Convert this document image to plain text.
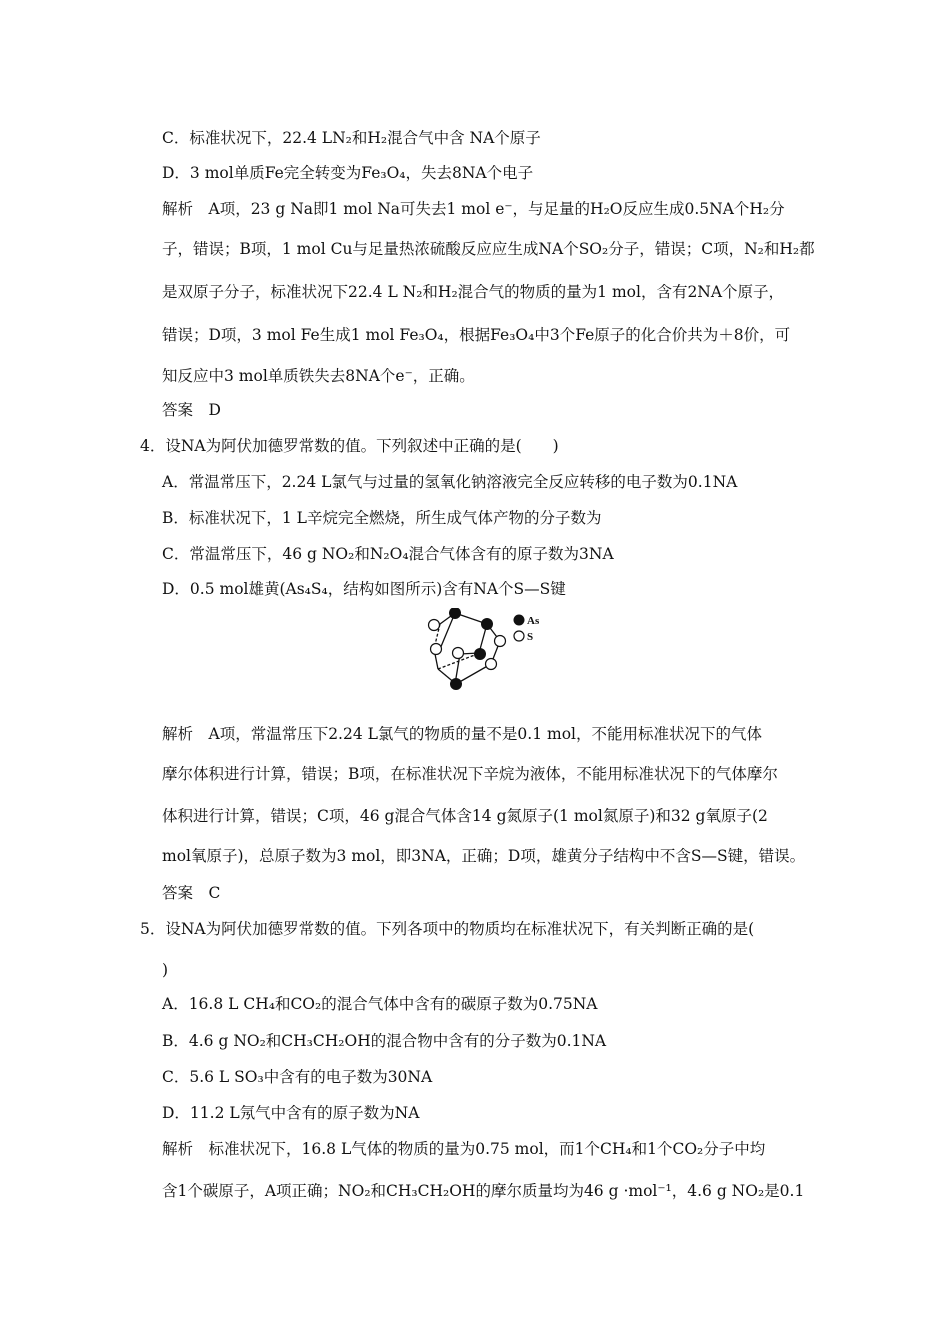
C．标准状况下，22.4 LN₂和H₂混合气中含 NA个原子
D．3 mol单质Fe完全转变为Fe₃O₄，失去8NA个电子
解析　A项，23 g Na即1 mol Na可失去1 mol e⁻，与足量的H₂O反应生成0.5NA个H₂分
子，错误；B项，1 mol Cu与足量热浓硫酸反应应生成NA个SO₂分子，错误；C项，N₂和H₂都
是双原子分子，标准状况下22.4 L N₂和H₂混合气的物质的量为1 mol，含有2NA个原子，
错误；D项，3 mol Fe生成1 mol Fe₃O₄，根据Fe₃O₄中3个Fe原子的化合价共为＋8价，可
知反应中3 mol单质铁失去8NA个e⁻，正确。
答案　D
4．设NA为阿伏加德罗常数的值。下列叙述中正确的是(　　)
A．常温常压下，2.24 L氯气与过量的氢氧化钠溶液完全反应转移的电子数为0.1NA
B．标准状况下，1 L辛烷完全燃烧，所生成气体产物的分子数为
C．常温常压下，46 g NO₂和N₂O₄混合气体含有的原子数为3NA
D．0.5 mol雄黄(As₄S₄，结构如图所示)含有NA个S—S键
As
S
解析　A项，常温常压下2.24 L氯气的物质的量不是0.1 mol，不能用标准状况下的气体
摩尔体积进行计算，错误；B项，在标准状况下辛烷为液体，不能用标准状况下的气体摩尔
体积进行计算，错误；C项，46 g混合气体含14 g氮原子(1 mol氮原子)和32 g氧原子(2
mol氧原子)，总原子数为3 mol，即3NA，正确；D项，雄黄分子结构中不含S—S键，错误。
答案　C
5．设NA为阿伏加德罗常数的值。下列各项中的物质均在标准状况下，有关判断正确的是(
)
A．16.8 L CH₄和CO₂的混合气体中含有的碳原子数为0.75NA
B．4.6 g NO₂和CH₃CH₂OH的混合物中含有的分子数为0.1NA
C．5.6 L SO₃中含有的电子数为30NA
D．11.2 L氖气中含有的原子数为NA
解析　标准状况下，16.8 L气体的物质的量为0.75 mol，而1个CH₄和1个CO₂分子中均
含1个碳原子，A项正确；NO₂和CH₃CH₂OH的摩尔质量均为46 g ·mol⁻¹，4.6 g NO₂是0.1
